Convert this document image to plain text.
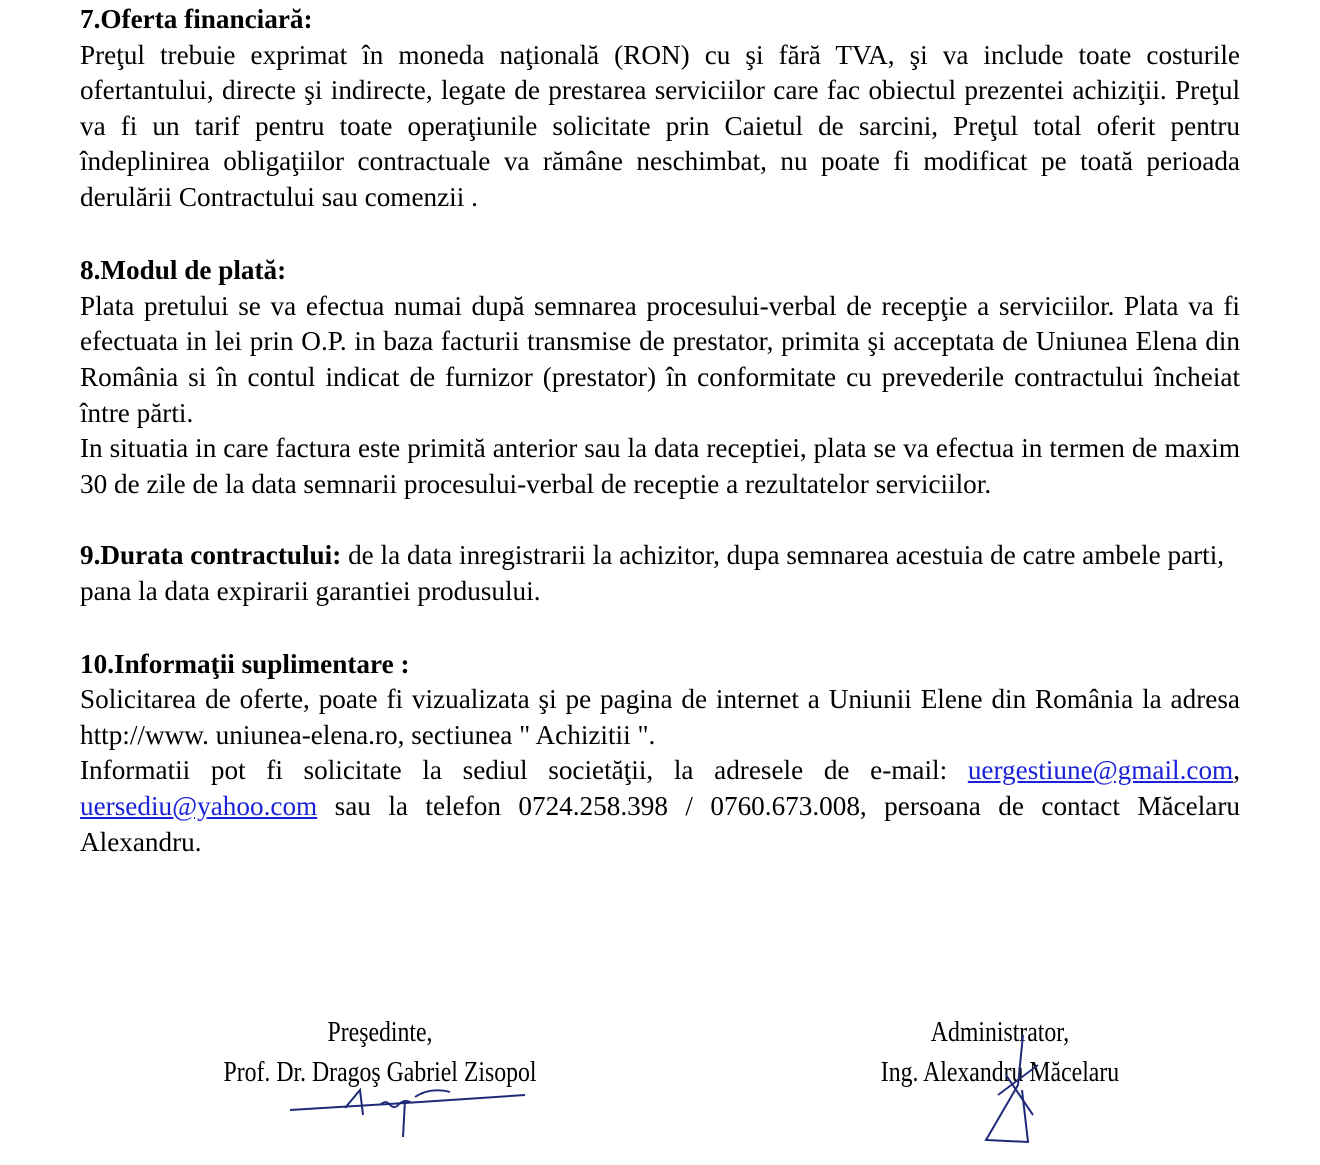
7.Oferta financiară:

Preţul trebuie exprimat în moneda naţională (RON) cu şi fără TVA, şi va include toate costurile ofertantului, directe şi indirecte, legate de prestarea serviciilor care fac obiectul prezentei achiziţii. Preţul va fi un tarif pentru toate operaţiunile solicitate prin Caietul de sarcini, Preţul total oferit pentru îndeplinirea obligaţiilor contractuale va rămâne neschimbat, nu poate fi modificat pe toată perioada derulării Contractului sau comenzii .

8.Modul de plată:

Plata pretului se va efectua numai după semnarea procesului-verbal de recepţie a serviciilor. Plata va fi efectuata in lei prin O.P. in baza facturii transmise de prestator, primita şi acceptata de Uniunea Elena din România si în contul indicat de furnizor (prestator) în conformitate cu prevederile contractului încheiat între părti.

In situatia in care factura este primită anterior sau la data receptiei, plata se va efectua in termen de maxim 30 de zile de la data semnarii procesului-verbal de receptie a rezultatelor serviciilor.

9.Durata contractului: de la data inregistrarii la achizitor, dupa semnarea acestuia de catre ambele parti, pana la data expirarii garantiei produsului.

10.Informaţii suplimentare :

Solicitarea de oferte, poate fi vizualizata şi pe pagina de internet a Uniunii Elene din România la adresa http://www. uniunea-elena.ro, sectiunea " Achizitii ".

Informatii pot fi solicitate la sediul societăţii, la adresele de e-mail: uergestiune@gmail.com, uersediu@yahoo.com sau la telefon 0724.258.398 / 0760.673.008, persoana de contact Măcelaru Alexandru.

Preşedinte,
Prof. Dr. Dragoş Gabriel Zisopol
Administrator,
Ing. Alexandru Măcelaru
